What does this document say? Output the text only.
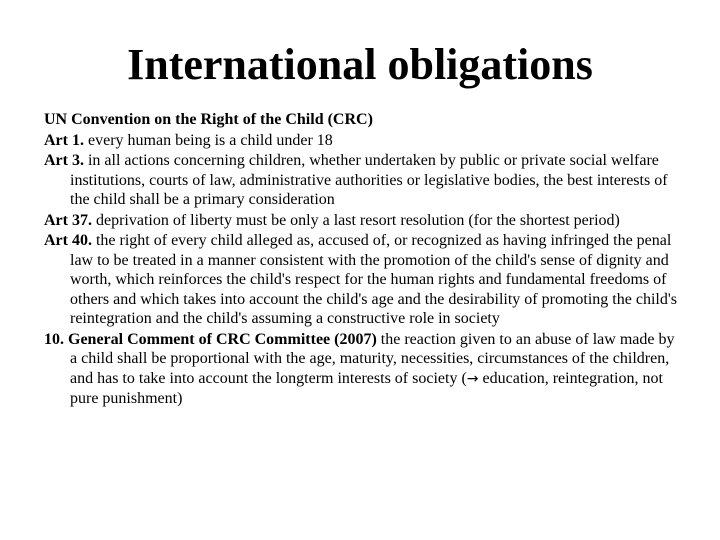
International obligations

UN Convention on the Right of the Child (CRC)

Art 1. every human being is a child under 18

Art 3. in all actions concerning children, whether undertaken by public or private social welfare institutions, courts of law, administrative authorities or legislative bodies, the best interests of the child shall be a primary consideration

Art 37. deprivation of liberty must be only a last resort resolution (for the shortest period)

Art 40. the right of every child alleged as, accused of, or recognized as having infringed the penal law to be treated in a manner consistent with the promotion of the child's sense of dignity and worth, which reinforces the child's respect for the human rights and fundamental freedoms of others and which takes into account the child's age and the desirability of promoting the child's reintegration and the child's assuming a constructive role in society

10. General Comment of CRC Committee (2007) the reaction given to an abuse of law made by a child shall be proportional with the age, maturity, necessities, circumstances of the children, and has to take into account the longterm interests of society (→ education, reintegration, not pure punishment)
